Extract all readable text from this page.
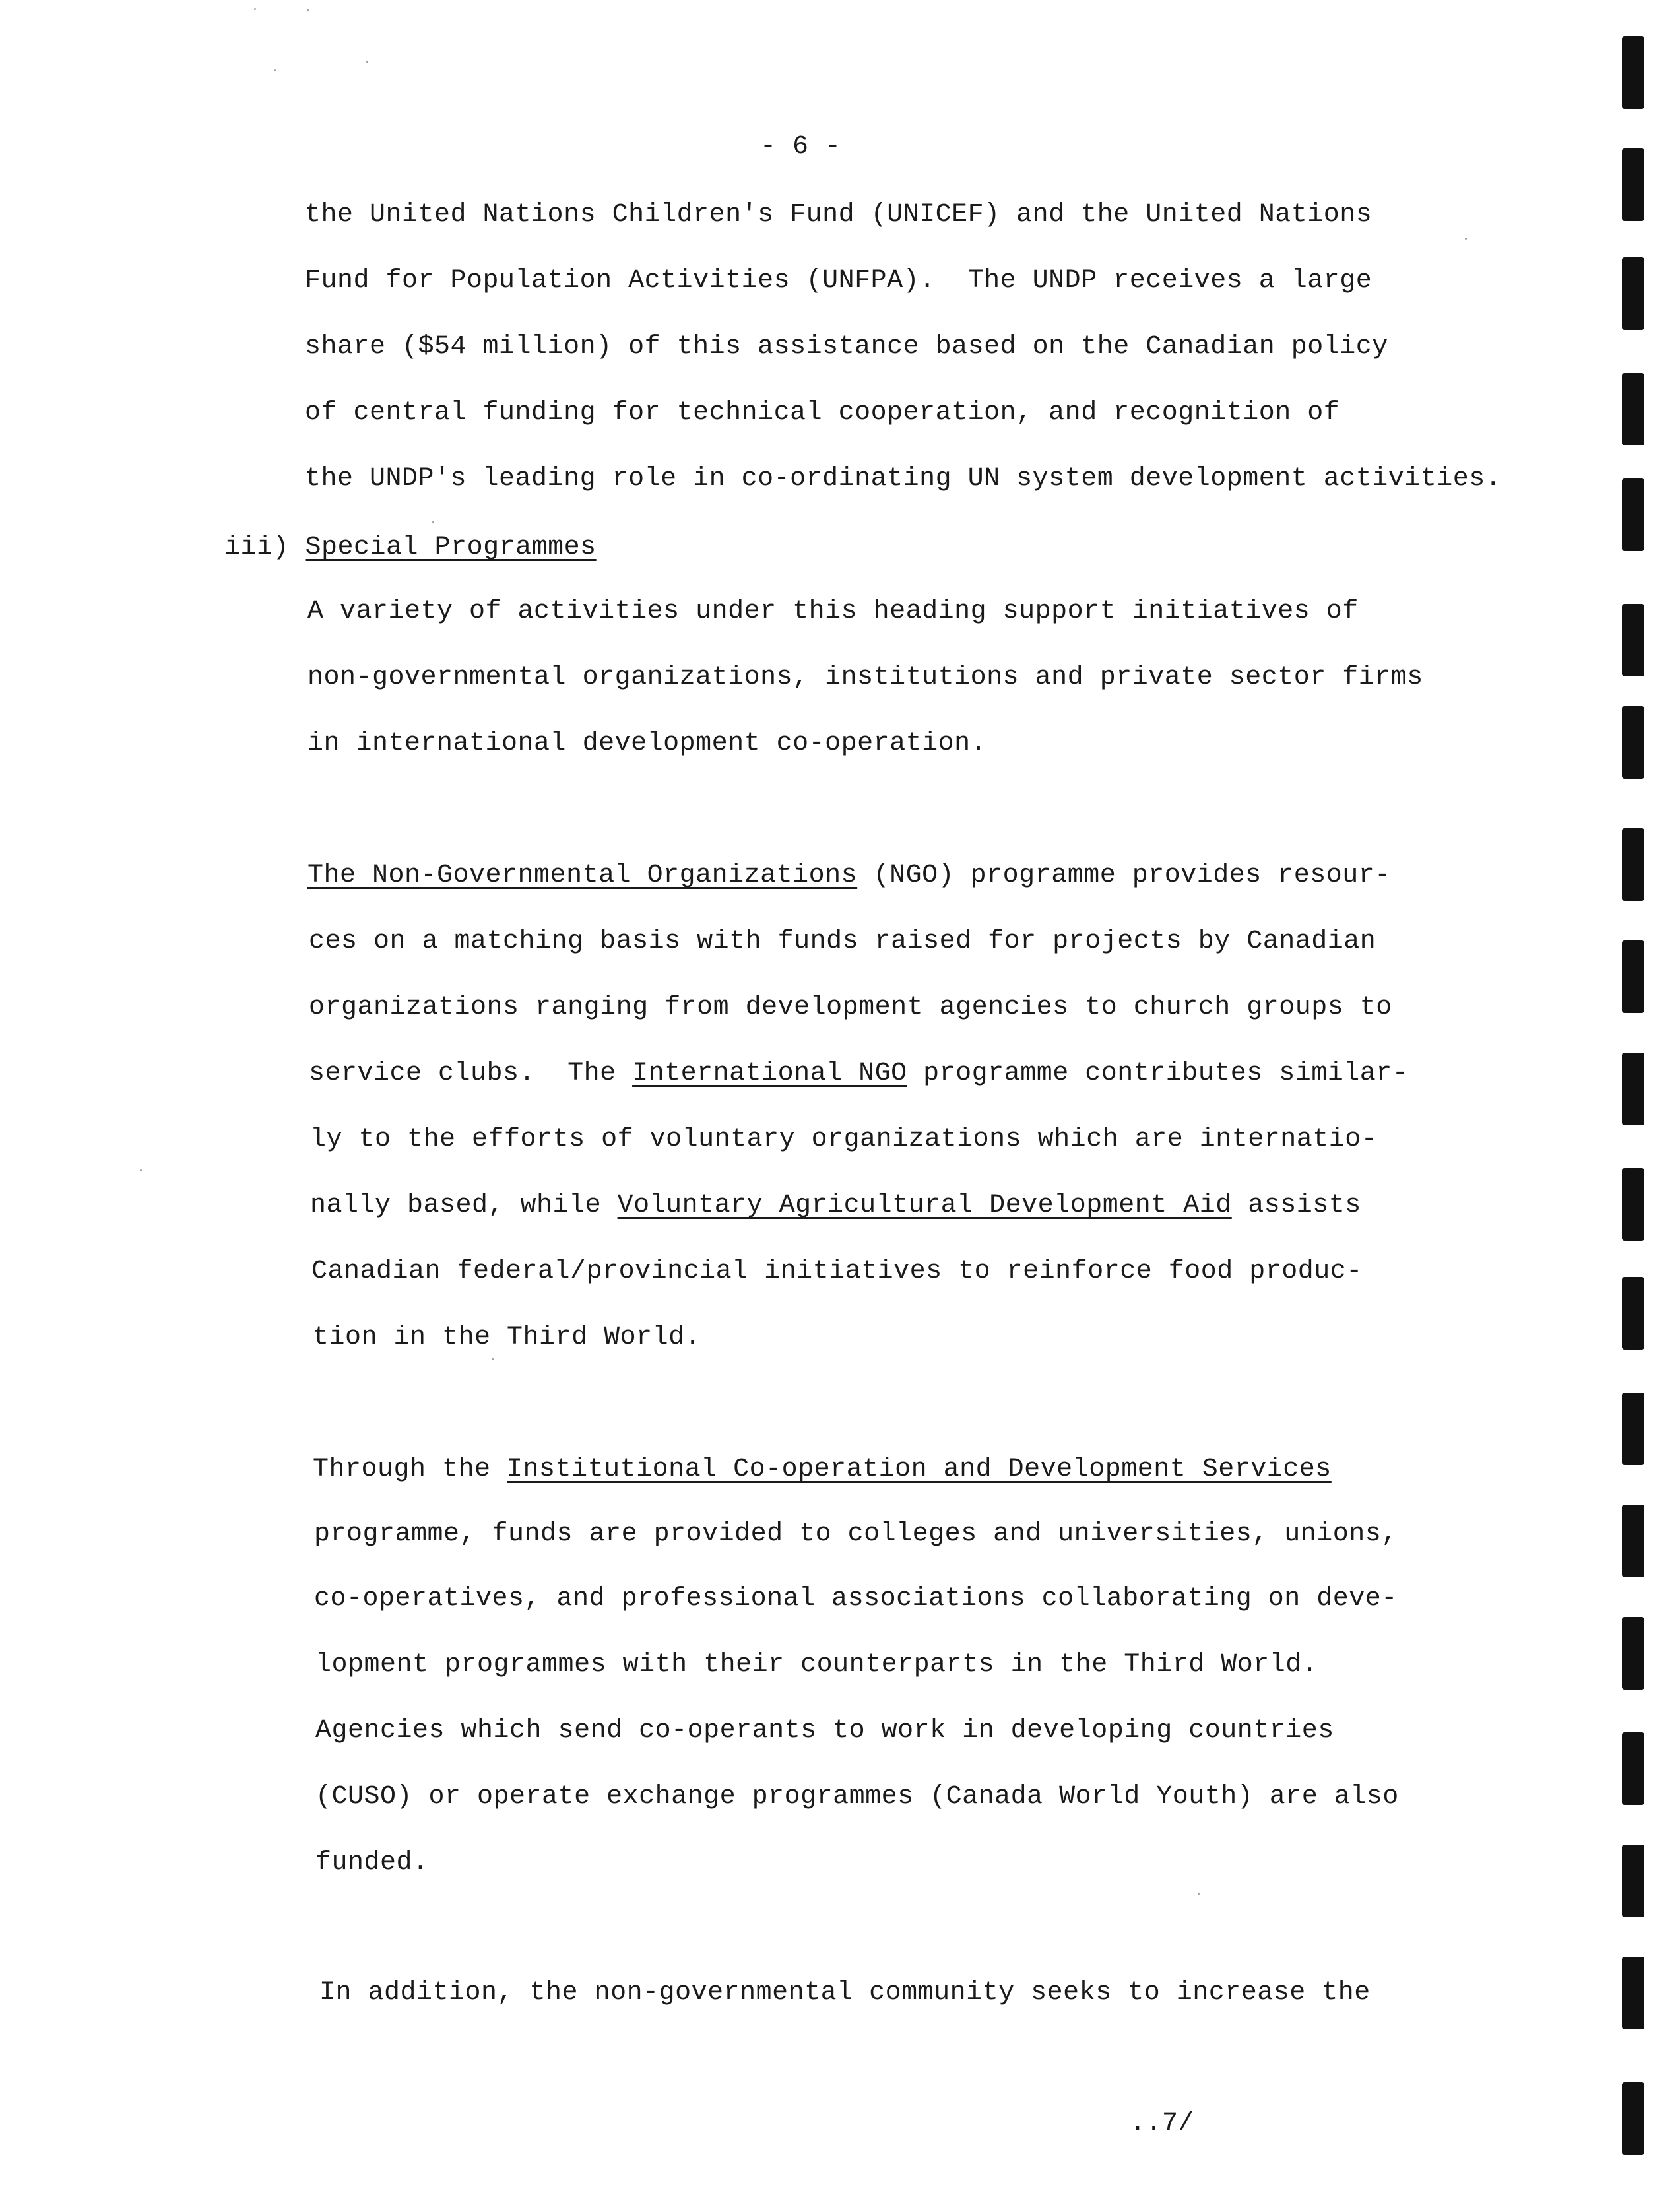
- 6 -
the United Nations Children's Fund (UNICEF) and the United Nations
Fund for Population Activities (UNFPA).  The UNDP receives a large
share ($54 million) of this assistance based on the Canadian policy
of central funding for technical cooperation, and recognition of
the UNDP's leading role in co-ordinating UN system development activities.
iii) Special Programmes
A variety of activities under this heading support initiatives of
non-governmental organizations, institutions and private sector firms
in international development co-operation.
The Non-Governmental Organizations (NGO) programme provides resour-
ces on a matching basis with funds raised for projects by Canadian
organizations ranging from development agencies to church groups to
service clubs.  The International NGO programme contributes similar-
ly to the efforts of voluntary organizations which are internatio-
nally based, while Voluntary Agricultural Development Aid assists
Canadian federal/provincial initiatives to reinforce food produc-
tion in the Third World.
Through the Institutional Co-operation and Development Services
programme, funds are provided to colleges and universities, unions,
co-operatives, and professional associations collaborating on deve-
lopment programmes with their counterparts in the Third World.
Agencies which send co-operants to work in developing countries
(CUSO) or operate exchange programmes (Canada World Youth) are also
funded.
In addition, the non-governmental community seeks to increase the
..7/
